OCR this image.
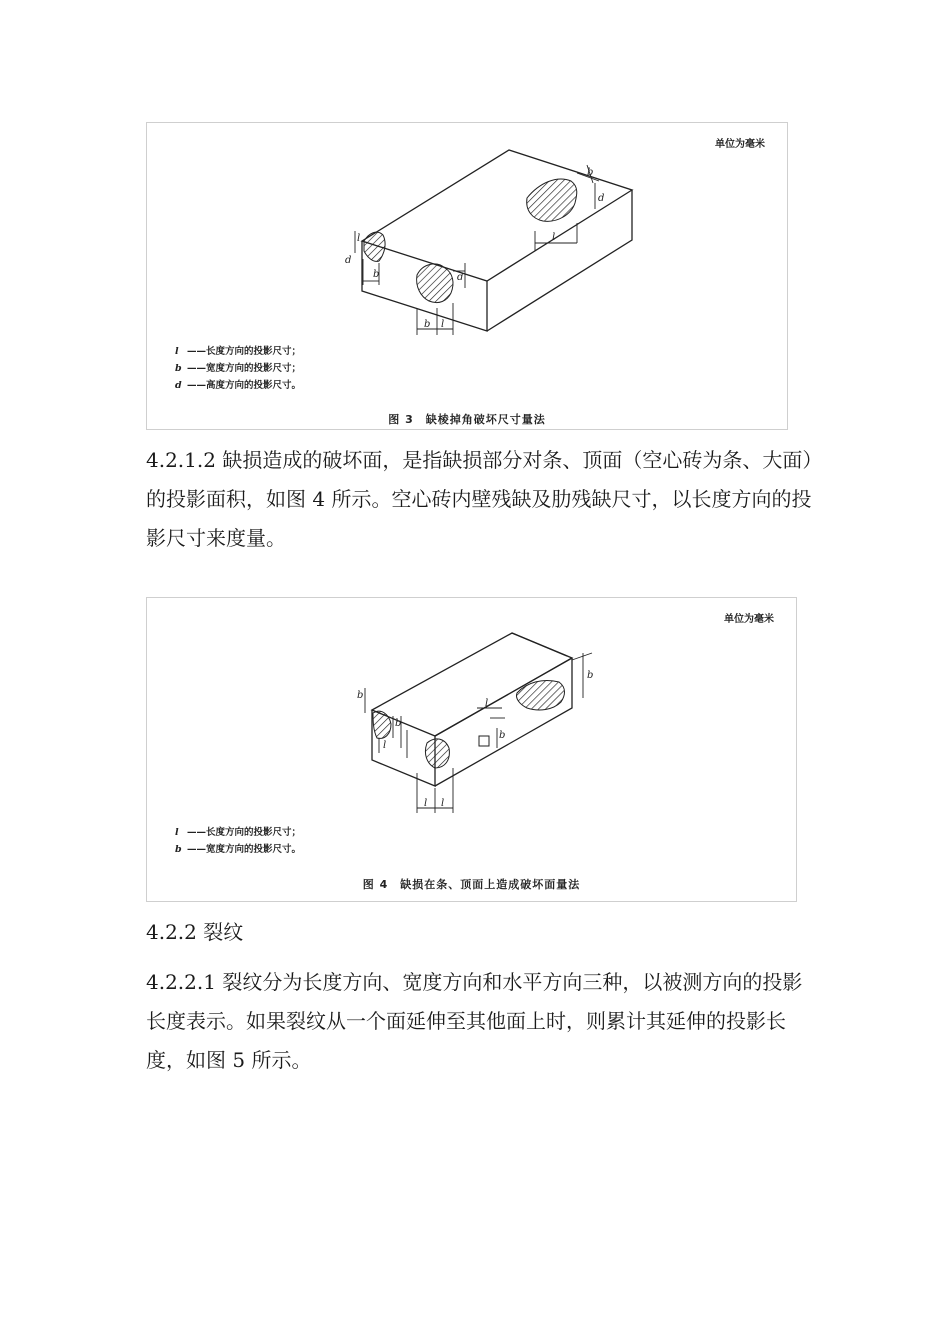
单位为毫米
b
d
l
l
d
b	d
b l
l ——长度方向的投影尺寸；
b ——宽度方向的投影尺寸；
d ——高度方向的投影尺寸。
图 3　缺棱掉角破坏尺寸量法

4.2.1.2 缺损造成的破坏面，是指缺损部分对条、顶面（空心砖为条、大面）的投影面积，如图 4 所示。空心砖内壁残缺及肋残缺尺寸，以长度方向的投影尺寸来度量。

单位为毫米
b
b
l
l
b
b
l l
l ——长度方向的投影尺寸；
b ——宽度方向的投影尺寸。
图 4　缺损在条、顶面上造成破坏面量法

4.2.2 裂纹

4.2.2.1 裂纹分为长度方向、宽度方向和水平方向三种，以被测方向的投影长度表示。如果裂纹从一个面延伸至其他面上时，则累计其延伸的投影长度，如图 5 所示。
